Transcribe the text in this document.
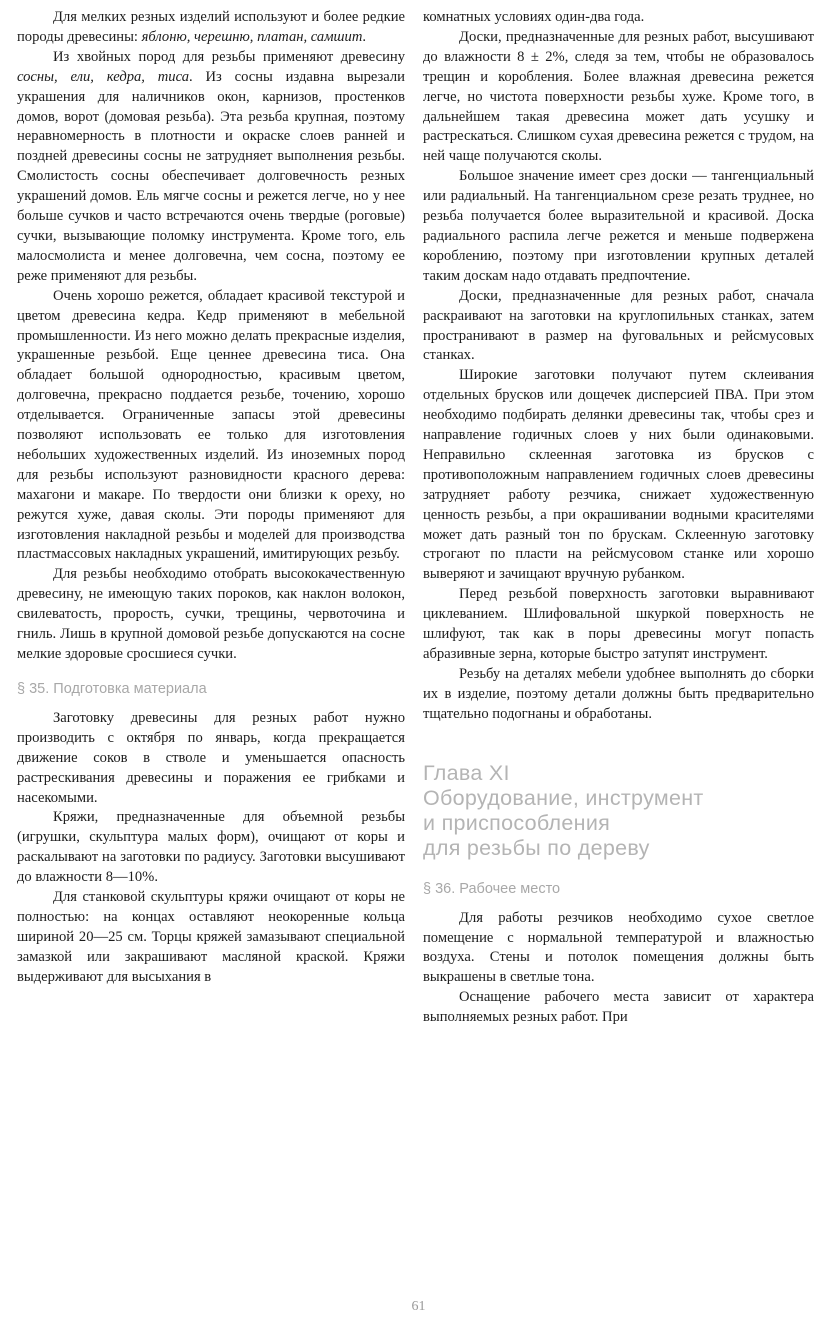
Для мелких резных изделий используют и более редкие породы древесины: яблоню, черешню, платан, самшит.

Из хвойных пород для резьбы применяют древесину сосны, ели, кедра, тиса. Из сосны издавна вырезали украшения для наличников окон, карнизов, простенков домов, ворот (домовая резьба). Эта резьба крупная, поэтому неравномерность в плотности и окраске слоев ранней и поздней древесины сосны не затрудняет выполнения резьбы. Смолистость сосны обеспечивает долговечность резных украшений домов. Ель мягче сосны и режется легче, но у нее больше сучков и часто встречаются очень твердые (роговые) сучки, вызывающие поломку инструмента. Кроме того, ель малосмолиста и менее долговечна, чем сосна, поэтому ее реже применяют для резьбы.

Очень хорошо режется, обладает красивой текстурой и цветом древесина кедра. Кедр применяют в мебельной промышленности. Из него можно делать прекрасные изделия, украшенные резьбой. Еще ценнее древесина тиса. Она обладает большой однородностью, красивым цветом, долговечна, прекрасно поддается резьбе, точению, хорошо отделывается. Ограниченные запасы этой древесины позволяют использовать ее только для изготовления небольших художественных изделий. Из иноземных пород для резьбы используют разновидности красного дерева: махагони и макаре. По твердости они близки к ореху, но режутся хуже, давая сколы. Эти породы применяют для изготовления накладной резьбы и моделей для производства пластмассовых накладных украшений, имитирующих резьбу.

Для резьбы необходимо отобрать высококачественную древесину, не имеющую таких пороков, как наклон волокон, свилеватость, прорость, сучки, трещины, червоточина и гниль. Лишь в крупной домовой резьбе допускаются на сосне мелкие здоровые сросшиеся сучки.

§ 35. Подготовка материала

Заготовку древесины для резных работ нужно производить с октября по январь, когда прекращается движение соков в стволе и уменьшается опасность растрескивания древесины и поражения ее грибками и насекомыми.

Кряжи, предназначенные для объемной резьбы (игрушки, скульптура малых форм), очищают от коры и раскалывают на заготовки по радиусу. Заготовки высушивают до влажности 8—10%.

Для станковой скульптуры кряжи очищают от коры не полностью: на концах оставляют неокоренные кольца шириной 20—25 см. Торцы кряжей замазывают специальной замазкой или закрашивают масляной краской. Кряжи выдерживают для высыхания в

комнатных условиях один-два года.

Доски, предназначенные для резных работ, высушивают до влажности 8 ± 2%, следя за тем, чтобы не образовалось трещин и коробления. Более влажная древесина режется легче, но чистота поверхности резьбы хуже. Кроме того, в дальнейшем такая древесина может дать усушку и растрескаться. Слишком сухая древесина режется с трудом, на ней чаще получаются сколы.

Большое значение имеет срез доски — тангенциальный или радиальный. На тангенциальном срезе резать труднее, но резьба получается более выразительной и красивой. Доска радиального распила легче режется и меньше подвержена короблению, поэтому при изготовлении крупных деталей таким доскам надо отдавать предпочтение.

Доски, предназначенные для резных работ, сначала раскраивают на заготовки на круглопильных станках, затем пространивают в размер на фуговальных и рейсмусовых станках.

Широкие заготовки получают путем склеивания отдельных брусков или дощечек дисперсией ПВА. При этом необходимо подбирать делянки древесины так, чтобы срез и направление годичных слоев у них были одинаковыми. Неправильно склеенная заготовка из брусков с противоположным направлением годичных слоев древесины затрудняет работу резчика, снижает художественную ценность резьбы, а при окрашивании водными красителями может дать разный тон по брускам. Склеенную заготовку строгают по пласти на рейсмусовом станке или хорошо выверяют и зачищают вручную рубанком.

Перед резьбой поверхность заготовки выравнивают циклеванием. Шлифовальной шкуркой поверхность не шлифуют, так как в поры древесины могут попасть абразивные зерна, которые быстро затупят инструмент.

Резьбу на деталях мебели удобнее выполнять до сборки их в изделие, поэтому детали должны быть предварительно тщательно подогнаны и обработаны.

Глава XI
Оборудование, инструмент
и приспособления
для резьбы по дереву
§ 36. Рабочее место

Для работы резчиков необходимо сухое светлое помещение с нормальной температурой и влажностью воздуха. Стены и потолок помещения должны быть выкрашены в светлые тона.

Оснащение рабочего места зависит от характера выполняемых резных работ. При

61
